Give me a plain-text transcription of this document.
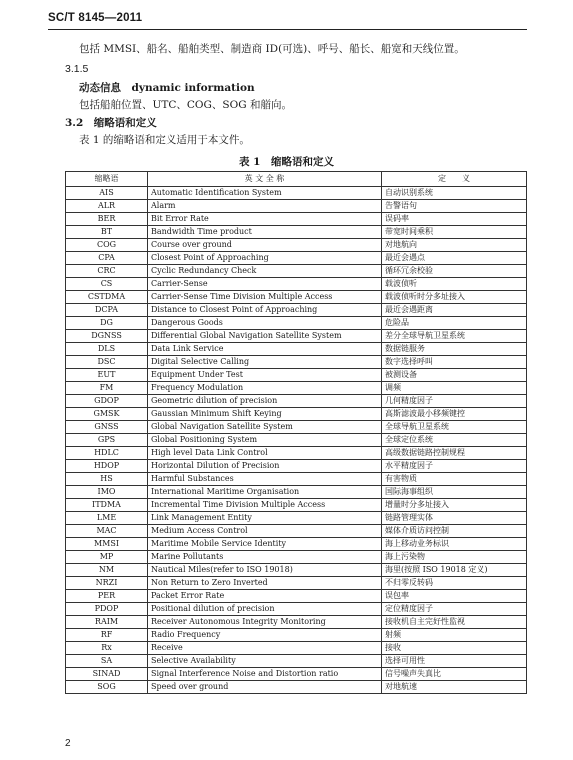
SC/T 8145—2011
包括 MMSI、船名、船舶类型、制造商 ID(可选)、呼号、船长、船宽和天线位置。
3.1.5
动态信息　dynamic information
包括船舶位置、UTC、COG、SOG 和艏向。
3.2　缩略语和定义
表 1 的缩略语和定义适用于本文件。
表 1　缩略语和定义
缩略语	英 文 全 称	定　　义
AIS	Automatic Identification System	自动识别系统
ALR	Alarm	告警语句
BER	Bit Error Rate	误码率
BT	Bandwidth Time product	带宽时间乘积
COG	Course over ground	对地航向
CPA	Closest Point of Approaching	最近会遇点
CRC	Cyclic Redundancy Check	循环冗余校验
CS	Carrier-Sense	载波侦听
CSTDMA	Carrier-Sense Time Division Multiple Access	载波侦听时分多址接入
DCPA	Distance to Closest Point of Approaching	最近会遇距离
DG	Dangerous Goods	危险品
DGNSS	Differential Global Navigation Satellite System	差分全球导航卫星系统
DLS	Data Link Service	数据链服务
DSC	Digital Selective Calling	数字选择呼叫
EUT	Equipment Under Test	被测设备
FM	Frequency Modulation	调频
GDOP	Geometric dilution of precision	几何精度因子
GMSK	Gaussian Minimum Shift Keying	高斯滤波最小移频键控
GNSS	Global Navigation Satellite System	全球导航卫星系统
GPS	Global Positioning System	全球定位系统
HDLC	High level Data Link Control	高级数据链路控制规程
HDOP	Horizontal Dilution of Precision	水平精度因子
HS	Harmful Substances	有害物质
IMO	International Maritime Organisation	国际海事组织
ITDMA	Incremental Time Division Multiple Access	增量时分多址接入
LME	Link Management Entity	链路管理实体
MAC	Medium Access Control	媒体介质访问控制
MMSI	Maritime Mobile Service Identity	海上移动业务标识
MP	Marine Pollutants	海上污染物
NM	Nautical Miles(refer to ISO 19018)	海里(按照 ISO 19018 定义)
NRZI	Non Return to Zero Inverted	不归零反转码
PER	Packet Error Rate	误包率
PDOP	Positional dilution of precision	定位精度因子
RAIM	Receiver Autonomous Integrity Monitoring	接收机自主完好性监视
RF	Radio Frequency	射频
Rx	Receive	接收
SA	Selective Availability	选择可用性
SINAD	Signal Interference Noise and Distortion ratio	信号噪声失真比
SOG	Speed over ground	对地航速
2
